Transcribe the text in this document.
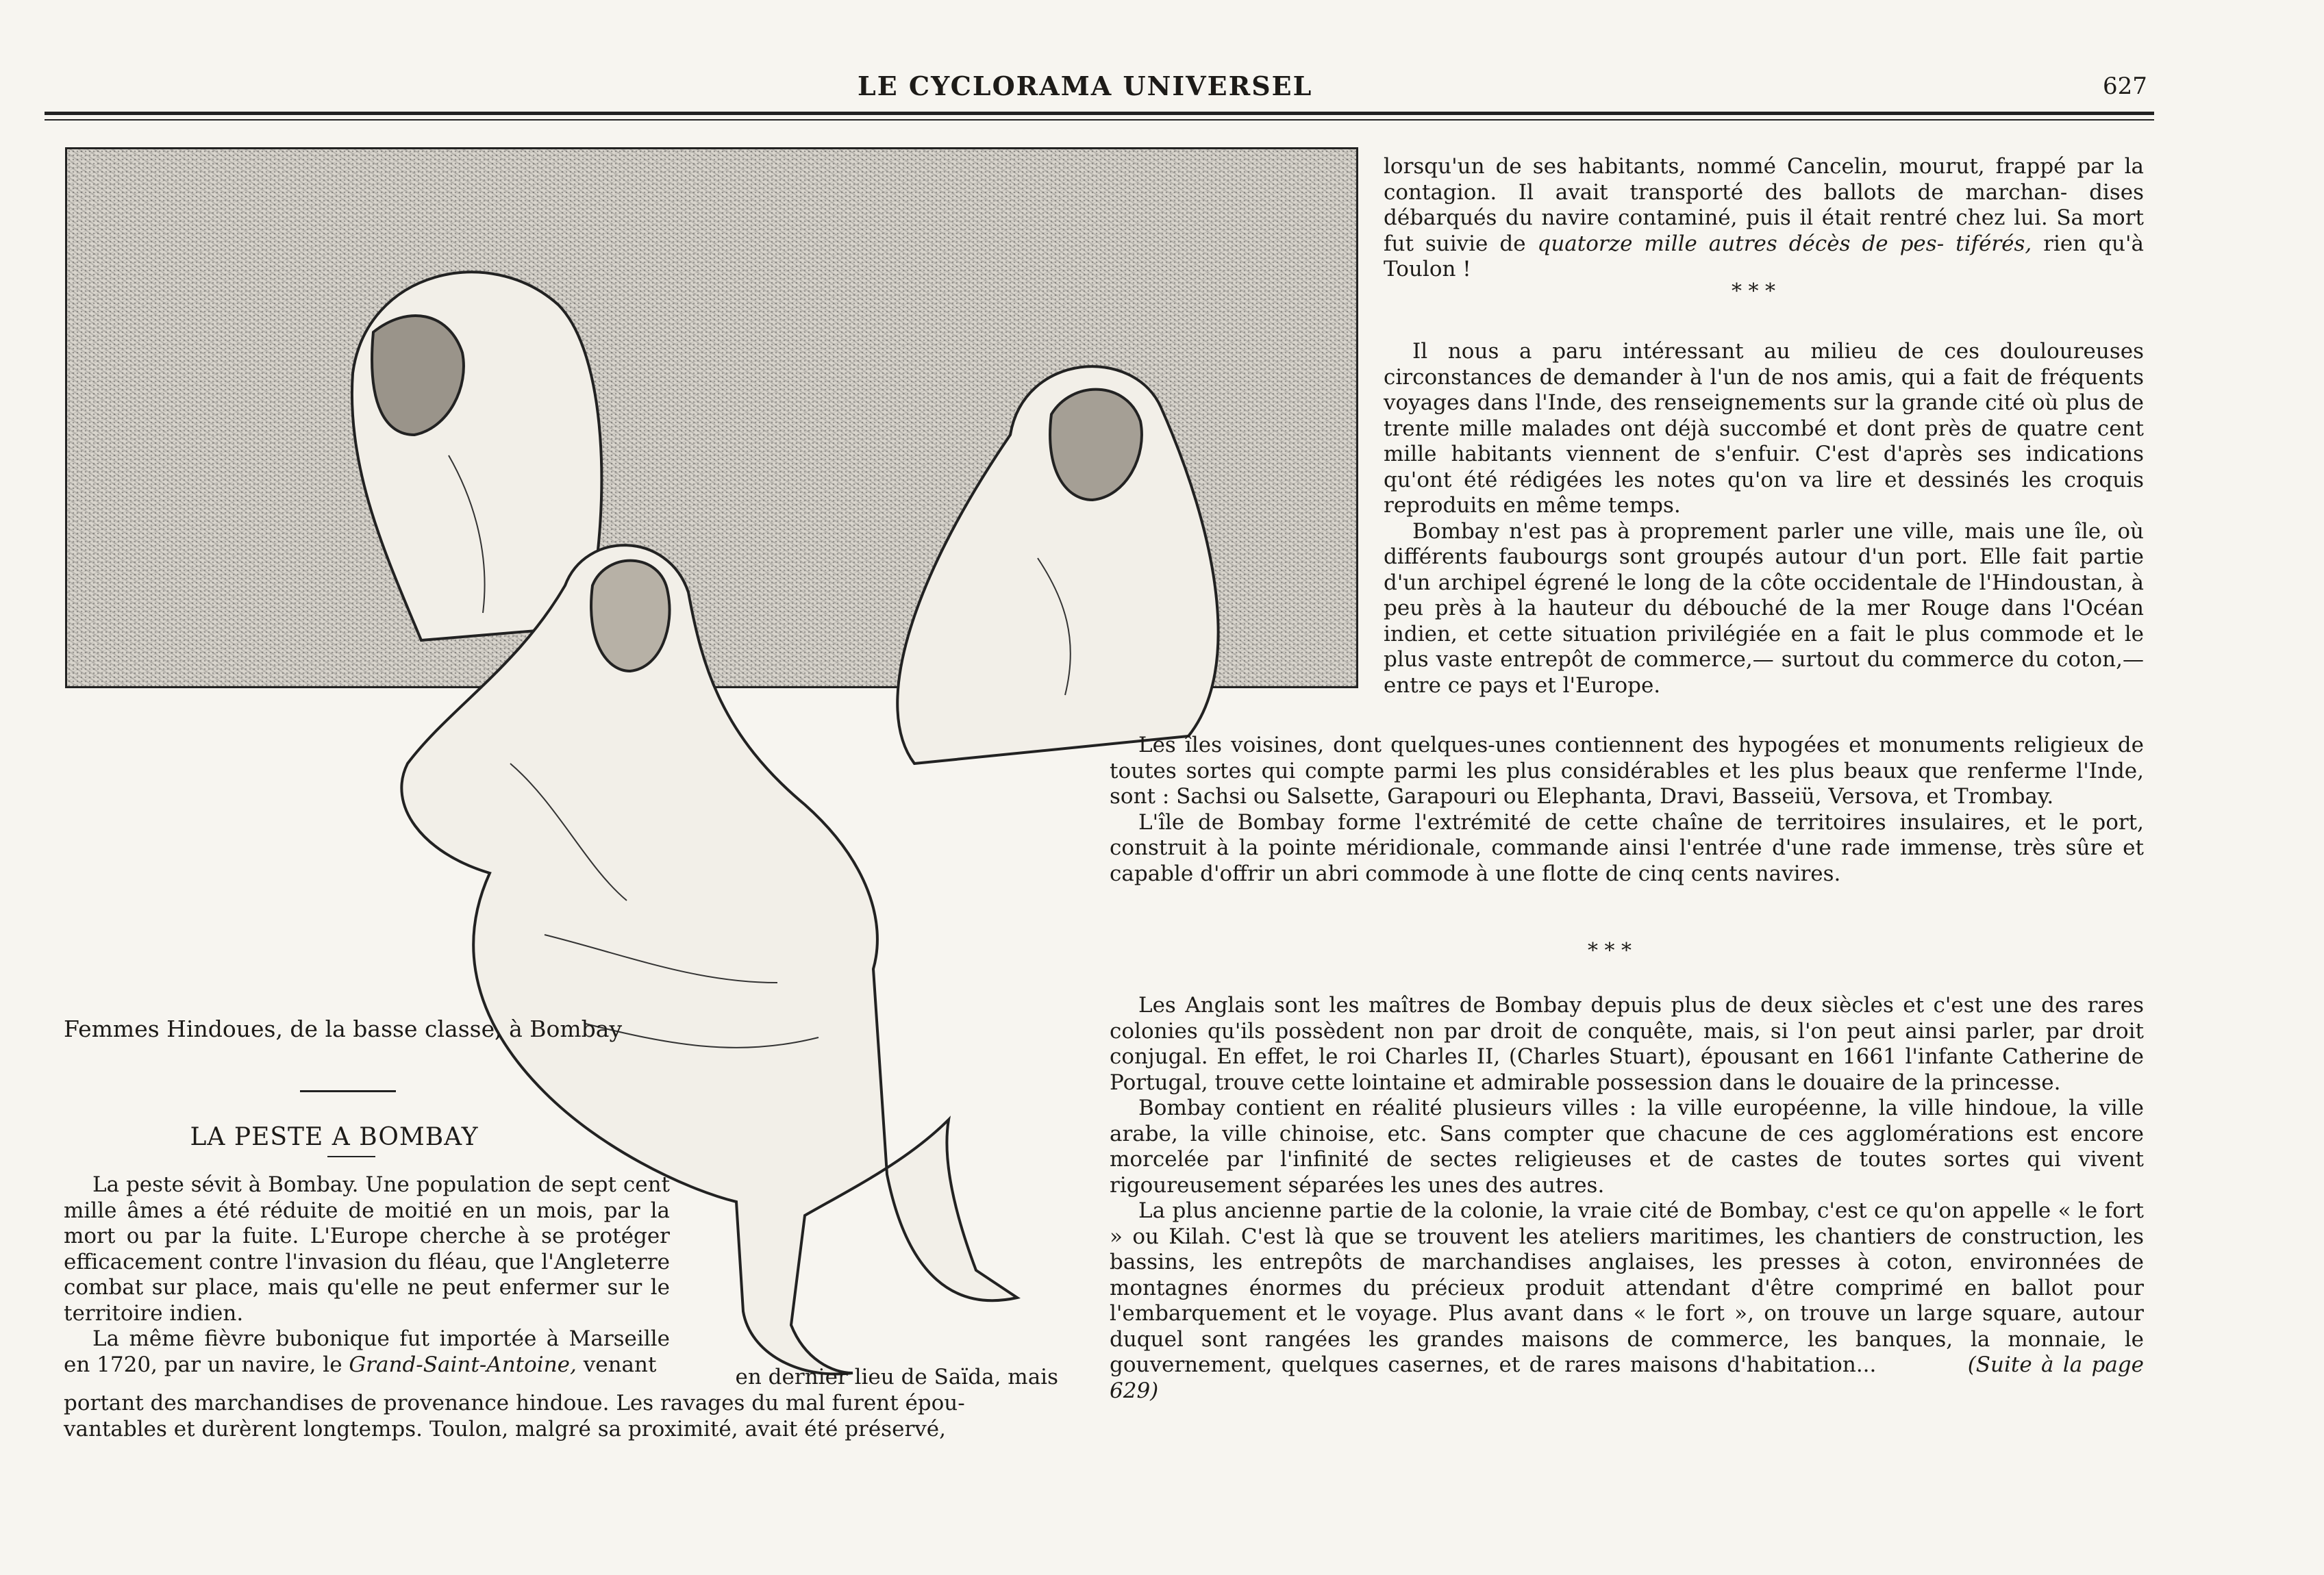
LE CYCLORAMA UNIVERSEL	627
Femmes Hindoues, de la basse classe, à Bombay
LA PESTE A BOMBAY

La peste sévit à Bombay. Une population de sept cent mille âmes a été réduite de moitié en un mois, par la mort ou par la fuite. L'Europe cherche à se protéger efficacement contre l'invasion du fléau, que l'Angleterre combat sur place, mais qu'elle ne peut enfermer sur le territoire indien.

La même fièvre bubonique fut importée à Marseille en 1720, par un navire, le Grand-Saint-Antoine, venant

en dernier lieu de Saïda, mais
portant des marchandises de provenance hindoue. Les ravages du mal furent épou-
vantables et durèrent longtemps. Toulon, malgré sa proximité, avait été préservé,

lorsqu'un de ses habitants, nommé Cancelin, mourut, frappé par la contagion. Il avait transporté des ballots de marchan- dises débarqués du navire contaminé, puis il était rentré chez lui. Sa mort fut suivie de quatorze mille autres décès de pes- tiférés, rien qu'à Toulon !

* * *

Il nous a paru intéressant au milieu de ces douloureuses circonstances de demander à l'un de nos amis, qui a fait de fréquents voyages dans l'Inde, des renseignements sur la grande cité où plus de trente mille malades ont déjà succombé et dont près de quatre cent mille habitants viennent de s'enfuir. C'est d'après ses indications qu'ont été rédigées les notes qu'on va lire et dessinés les croquis reproduits en même temps.

Bombay n'est pas à proprement parler une ville, mais une île, où différents faubourgs sont groupés autour d'un port. Elle fait partie d'un archipel égrené le long de la côte occidentale de l'Hindoustan, à peu près à la hauteur du débouché de la mer Rouge dans l'Océan indien, et cette situation privilégiée en a fait le plus commode et le plus vaste entrepôt de commerce,— surtout du commerce du coton,— entre ce pays et l'Europe.

Les îles voisines, dont quelques-unes contiennent des hypogées et monuments religieux de toutes sortes qui compte parmi les plus considérables et les plus beaux que renferme l'Inde, sont : Sachsi ou Salsette, Garapouri ou Elephanta, Dravi, Basseiü, Versova, et Trombay.

L'île de Bombay forme l'extrémité de cette chaîne de territoires insulaires, et le port, construit à la pointe méridionale, commande ainsi l'entrée d'une rade immense, très sûre et capable d'offrir un abri commode à une flotte de cinq cents navires.

* * *

Les Anglais sont les maîtres de Bombay depuis plus de deux siècles et c'est une des rares colonies qu'ils possèdent non par droit de conquête, mais, si l'on peut ainsi parler, par droit conjugal. En effet, le roi Charles II, (Charles Stuart), épousant en 1661 l'infante Catherine de Portugal, trouve cette lointaine et admirable possession dans le douaire de la princesse.

Bombay contient en réalité plusieurs villes : la ville européenne, la ville hindoue, la ville arabe, la ville chinoise, etc. Sans compter que chacune de ces agglomérations est encore morcelée par l'infinité de sectes religieuses et de castes de toutes sortes qui vivent rigoureusement séparées les unes des autres.

La plus ancienne partie de la colonie, la vraie cité de Bombay, c'est ce qu'on appelle « le fort » ou Kilah. C'est là que se trouvent les ateliers maritimes, les chantiers de construction, les bassins, les entrepôts de marchandises anglaises, les presses à coton, environnées de montagnes énormes du précieux produit attendant d'être comprimé en ballot pour l'embarquement et le voyage. Plus avant dans « le fort », on trouve un large square, autour duquel sont rangées les grandes maisons de commerce, les banques, la monnaie, le gouvernement, quelques casernes, et de rares maisons d'habitation...	(Suite à la page 629)
